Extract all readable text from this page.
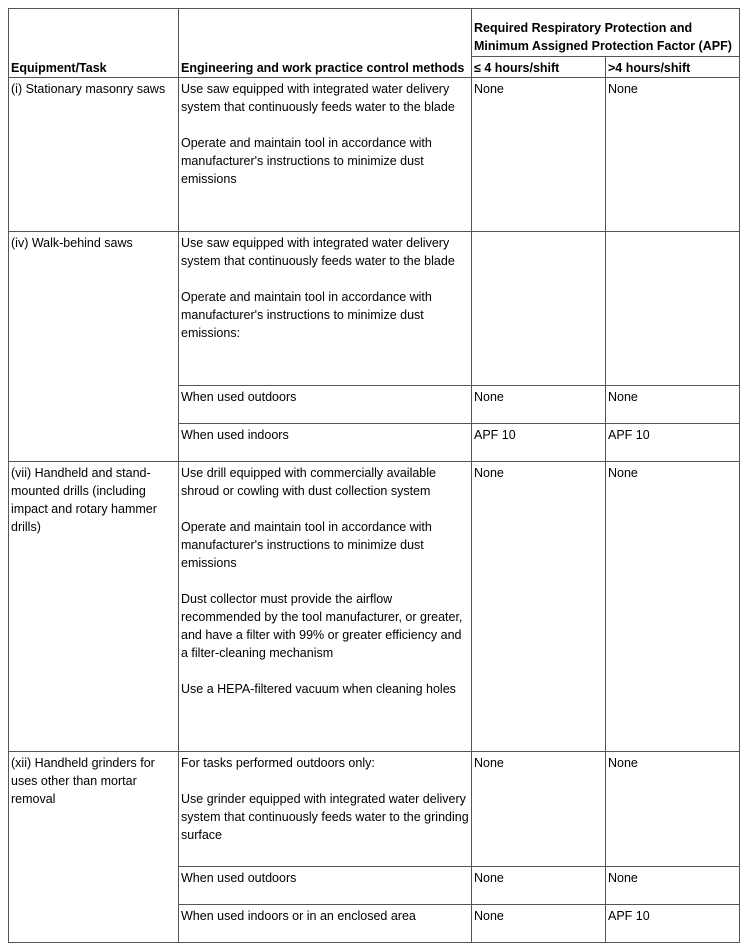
Equipment/Task	Engineering and work practice control methods	Required Respiratory Protection and Minimum Assigned Protection Factor (APF)	
		≤ 4 hours/shift	>4 hours/shift
(i) Stationary masonry saws	Use saw equipped with integrated water delivery system that continuously feeds water to the blade

Operate and maintain tool in accordance with manufacturer's instructions to minimize dust emissions	None	None
(iv) Walk-behind saws	Use saw equipped with integrated water delivery system that continuously feeds water to the blade

Operate and maintain tool in accordance with manufacturer's instructions to minimize dust emissions:		

	When used outdoors	None	None
	When used indoors	APF 10	APF 10
(vii) Handheld and stand-mounted drills (including impact and rotary hammer drills)	Use drill equipped with commercially available shroud or cowling with dust collection system

Operate and maintain tool in accordance with manufacturer's instructions to minimize dust emissions

Dust collector must provide the airflow recommended by the tool manufacturer, or greater, and have a filter with 99% or greater efficiency and a filter-cleaning mechanism

Use a HEPA-filtered vacuum when cleaning holes	None	None
(xii) Handheld grinders for uses other than mortar removal	For tasks performed outdoors only:

Use grinder equipped with integrated water delivery system that continuously feeds water to the grinding surface	None	None
	When used outdoors	None	None
	When used indoors or in an enclosed area	None	APF 10
